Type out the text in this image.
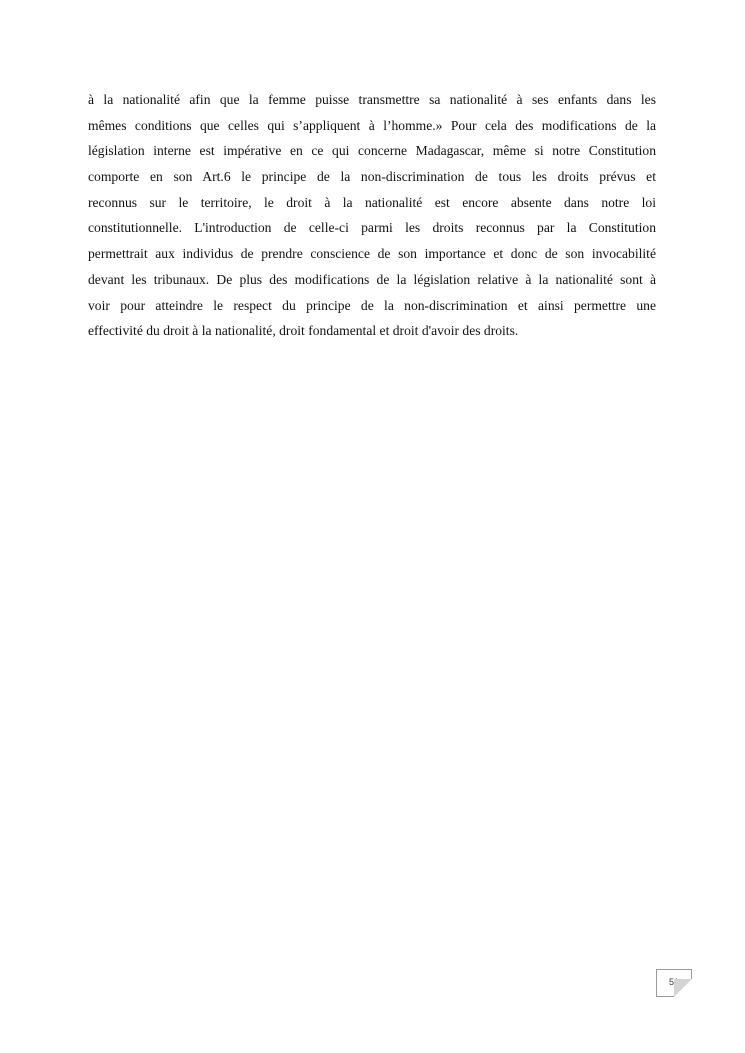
à la nationalité afin que la femme puisse transmettre sa nationalité à ses enfants dans les
mêmes conditions que celles qui s’appliquent à l’homme.» Pour cela des modifications de la
législation interne est impérative en ce qui concerne Madagascar, même si notre Constitution
comporte en son Art.6 le principe de la non-discrimination de tous les droits prévus et
reconnus sur le territoire, le droit à la nationalité est encore absente dans notre loi
constitutionnelle. L'introduction de celle-ci parmi les droits reconnus par la Constitution
permettrait aux individus de prendre conscience de son importance et donc de son invocabilité
devant les tribunaux. De plus des modifications de la législation relative à la nationalité sont à
voir pour atteindre le respect du principe de la non-discrimination et ainsi permettre une
effectivité du droit à la nationalité, droit fondamental et droit d'avoir des droits.

51
